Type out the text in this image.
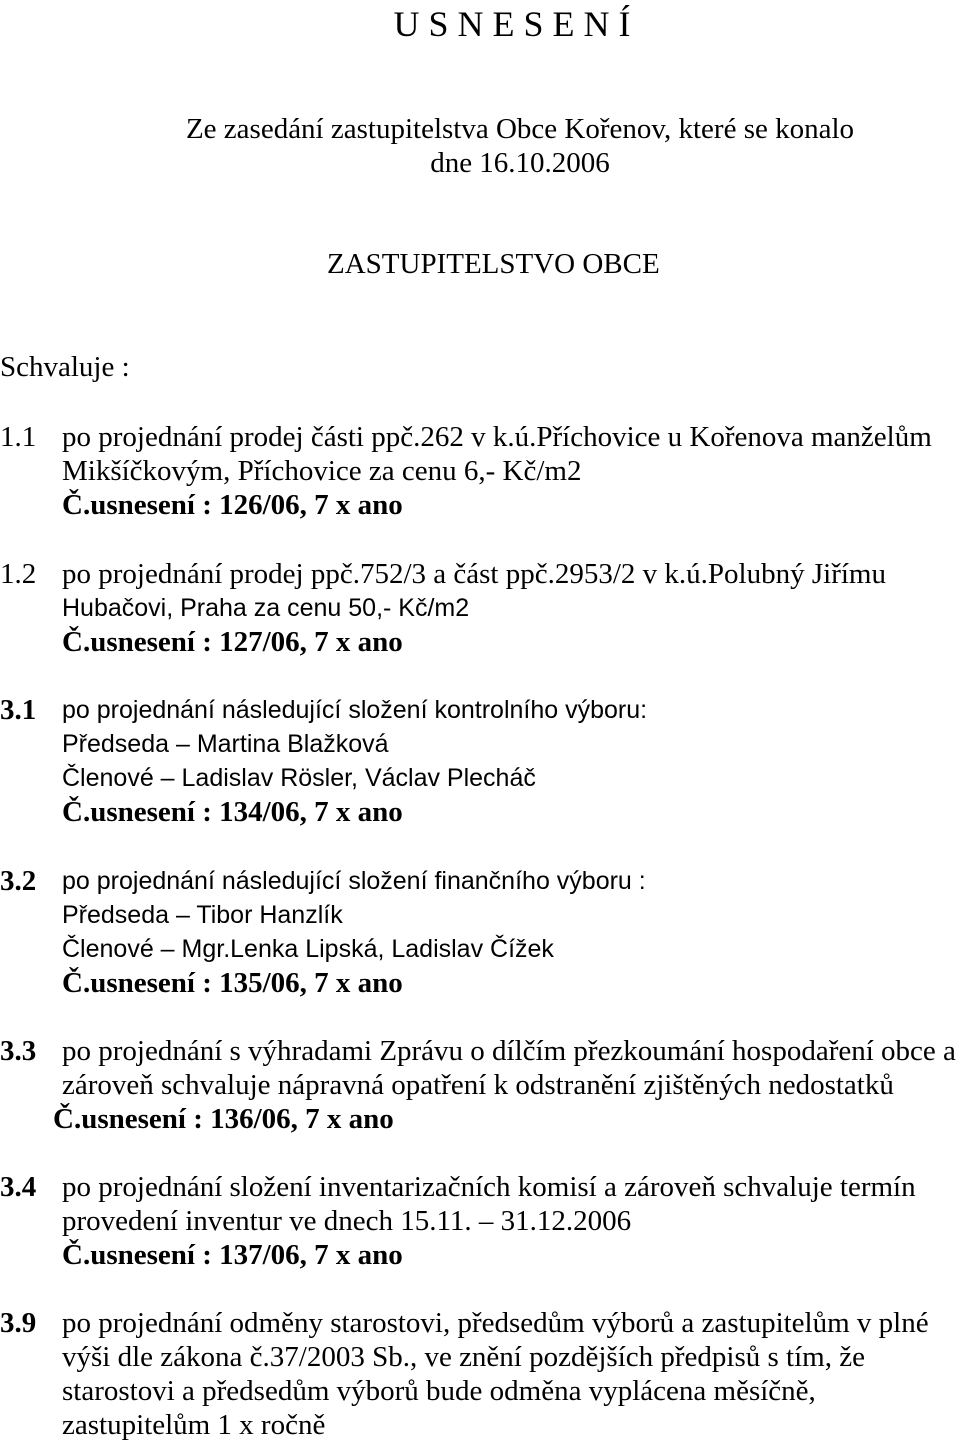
U S N E S E N Í
Ze zasedání zastupitelstva Obce Kořenov, které se konalo
dne 16.10.2006
ZASTUPITELSTVO OBCE
Schvaluje :
1.1 po projednání prodej části ppč.262 v k.ú.Příchovice u Kořenova manželům
Mikšíčkovým, Příchovice za cenu 6,- Kč/m2
Č.usnesení : 126/06, 7 x ano
1.2 po projednání prodej ppč.752/3 a část ppč.2953/2 v k.ú.Polubný Jiřímu
Hubačovi, Praha za cenu 50,- Kč/m2
Č.usnesení : 127/06, 7 x ano
3.1 po projednání následující složení kontrolního výboru:
Předseda – Martina Blažková
Členové – Ladislav Rösler, Václav Plecháč
Č.usnesení : 134/06, 7 x ano
3.2 po projednání následující složení finančního výboru :
Předseda – Tibor Hanzlík
Členové – Mgr.Lenka Lipská, Ladislav Čížek
Č.usnesení : 135/06, 7 x ano
3.3 po projednání s výhradami Zprávu o dílčím přezkoumání hospodaření obce a
zároveň schvaluje nápravná opatření k odstranění zjištěných nedostatků
Č.usnesení : 136/06, 7 x ano
3.4 po projednání složení inventarizačních komisí a zároveň schvaluje termín
provedení inventur ve dnech 15.11. – 31.12.2006
Č.usnesení : 137/06, 7 x ano
3.9 po projednání odměny starostovi, předsedům výborů a zastupitelům v plné
výši dle zákona č.37/2003 Sb., ve znění pozdějších předpisů s tím, že
starostovi a předsedům výborů bude odměna vyplácena měsíčně,
zastupitelům 1 x ročně
